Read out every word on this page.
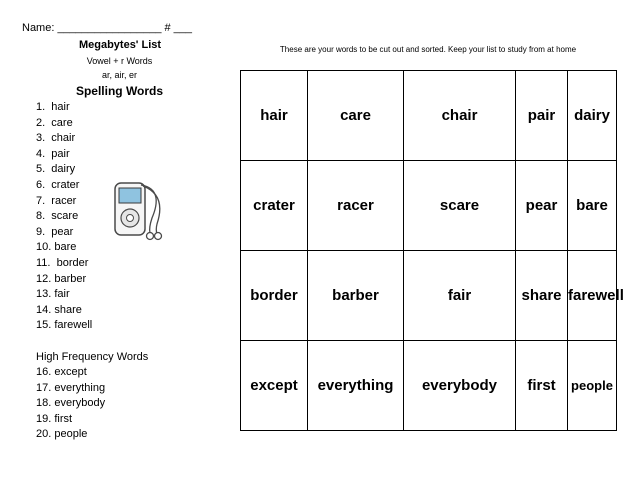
Name: _________________ # ___
Megabytes' List
Vowel + r Words
ar, air, er
Spelling Words
1.  hair
2.  care
3.  chair
4.  pair
5.  dairy
6.  crater
7.  racer
8.  scare
9.  pear
10. bare
11.  border
12. barber
13. fair
14. share
15. farewell
High Frequency Words
16. except
17. everything
18. everybody
19. first
20. people
These are your words to be cut out and sorted. Keep your list to study from at home
hair	care	chair	pair	dairy
crater	racer	scare	pear	bare
border	barber	fair	share	farewell
except	everything	everybody	first	people
